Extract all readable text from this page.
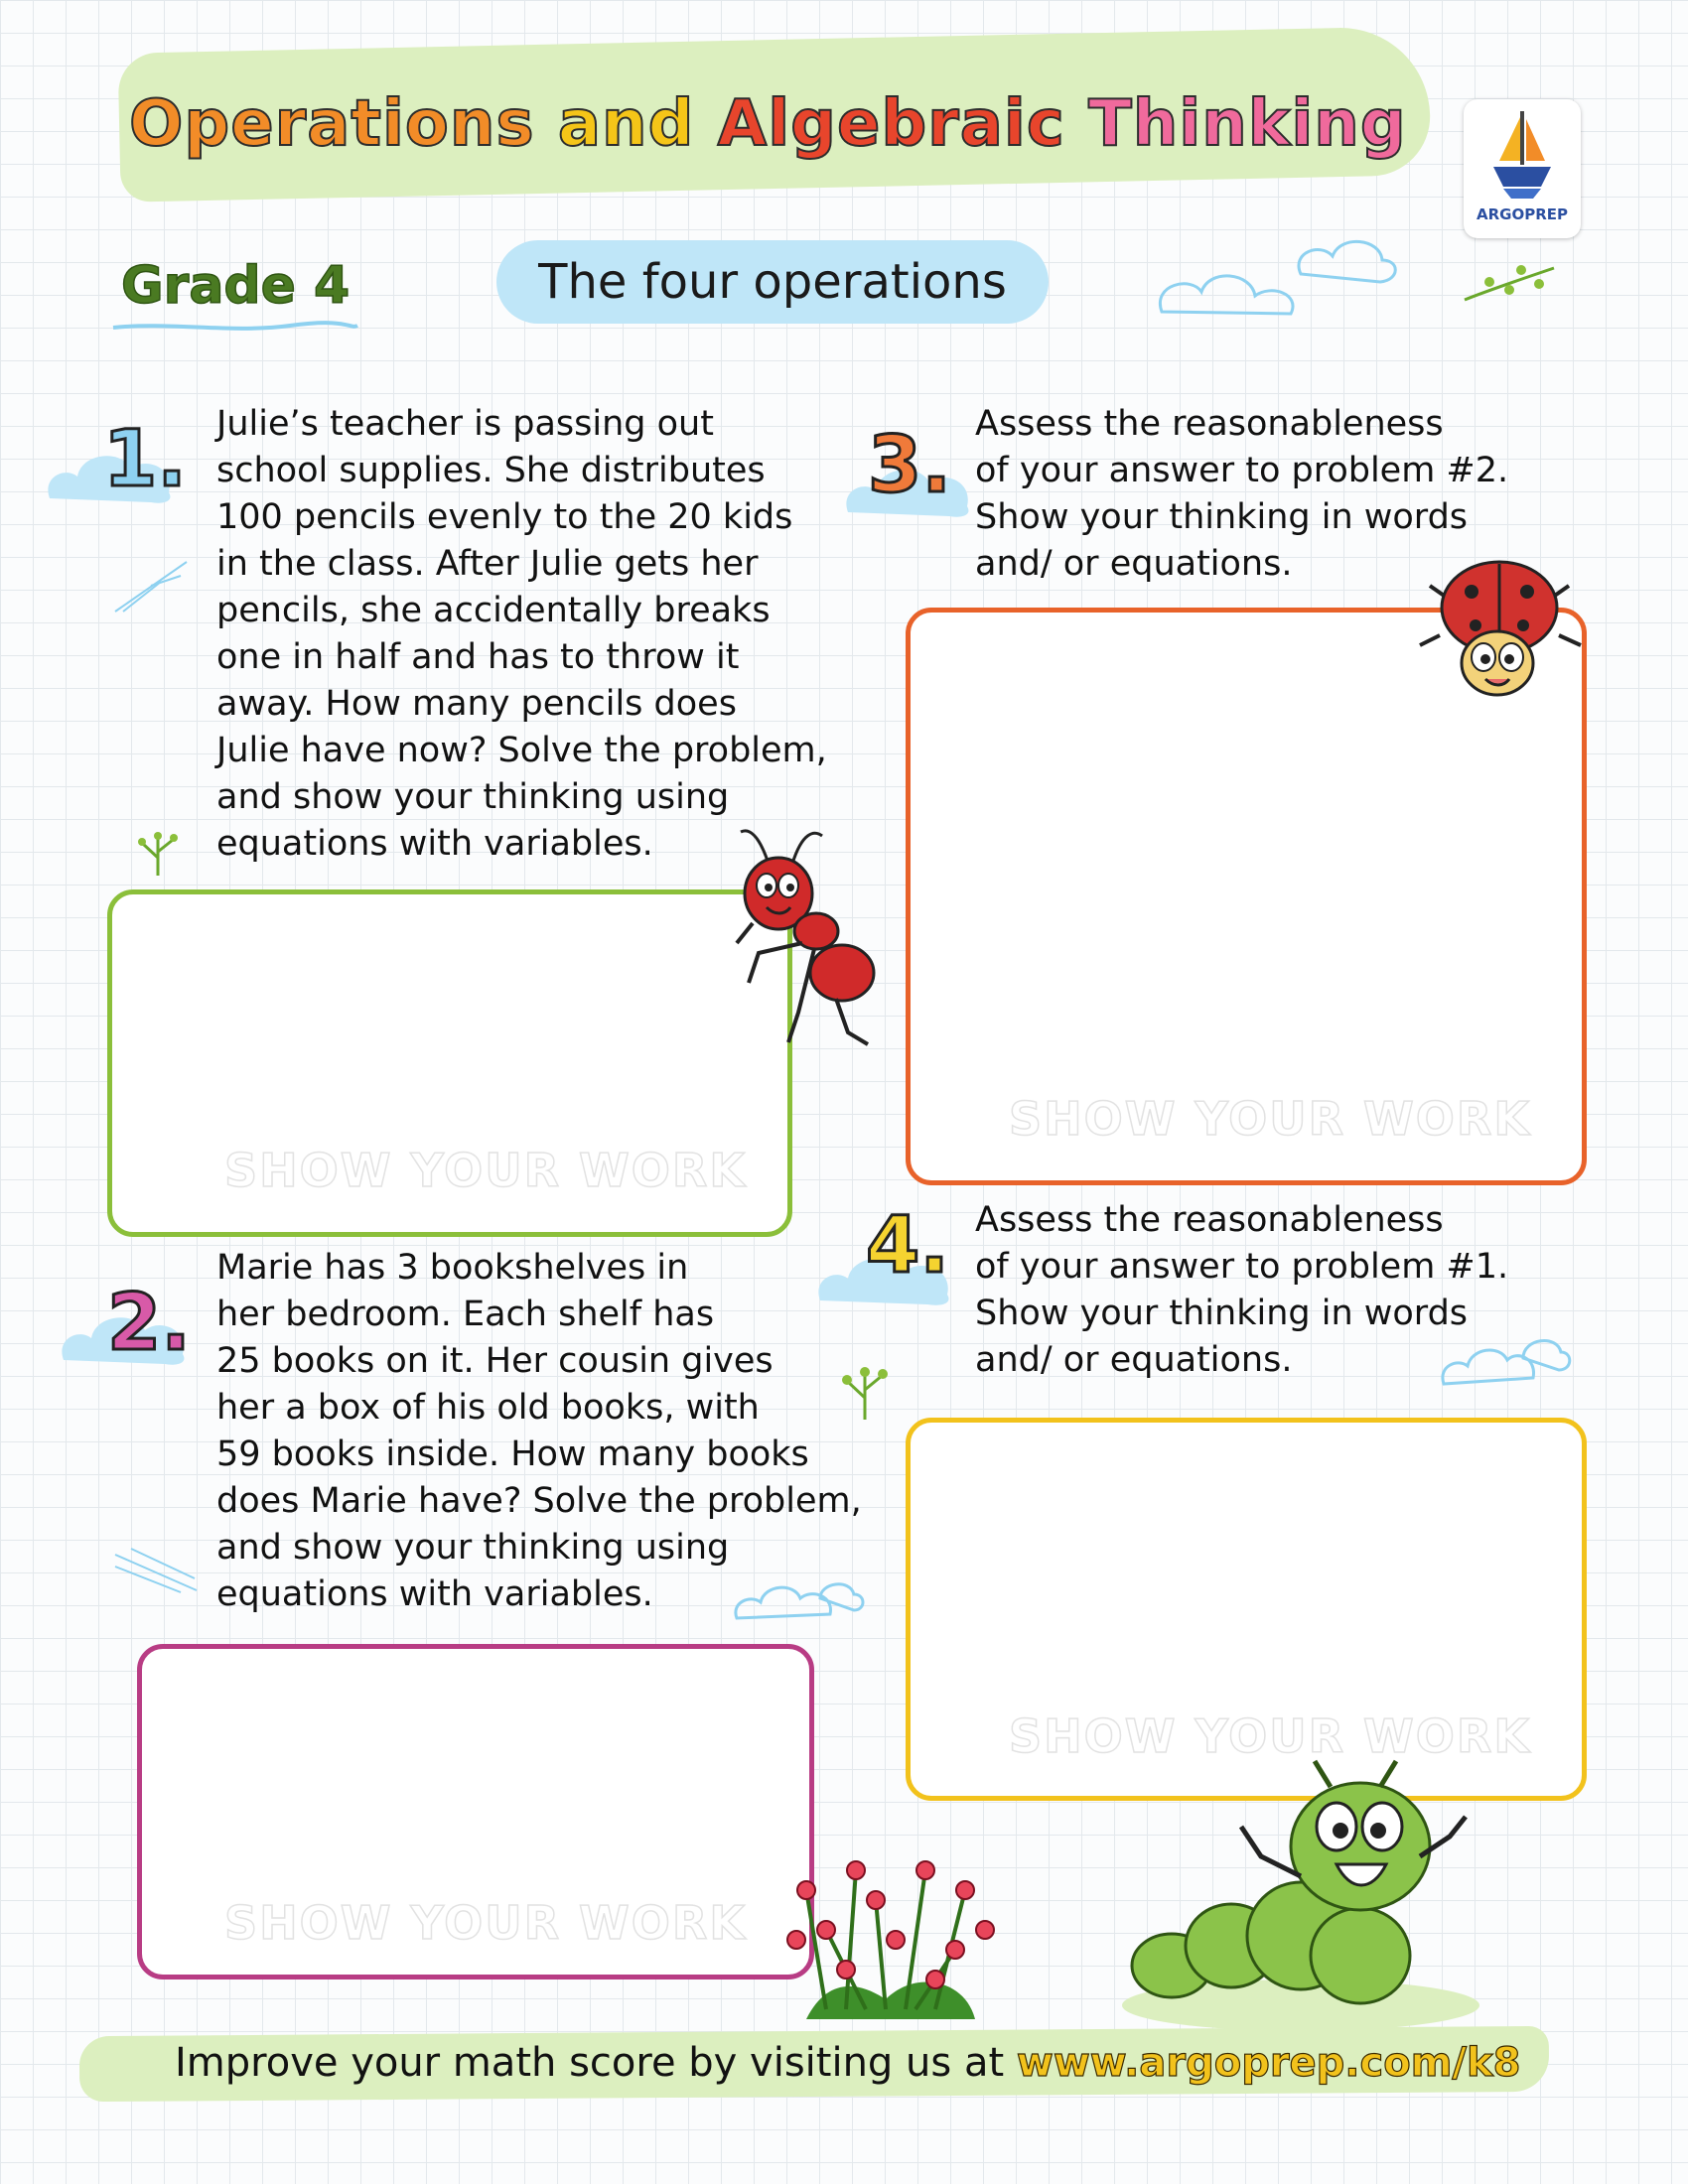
Operations and Algebraic Thinking
ARGOPREP
Grade 4	The four operations
1. Julie’s teacher is passing out
school supplies. She distributes
100 pencils evenly to the 20 kids
in the class. After Julie gets her
pencils, she accidentally breaks
one in half and has to throw it
away. How many pencils does
Julie have now? Solve the problem,
and show your thinking using
equations with variables.
SHOW YOUR WORK
2.
Marie has 3 bookshelves in
her bedroom. Each shelf has
25 books on it. Her cousin gives
her a box of his old books, with
59 books inside. How many books
does Marie have? Solve the problem,
and show your thinking using
equations with variables.
SHOW YOUR WORK
3. Assess the reasonableness
of your answer to problem #2.
Show your thinking in words
and/ or equations.
SHOW YOUR WORK
4. Assess the reasonableness
of your answer to problem #1.
Show your thinking in words
and/ or equations.
SHOW YOUR WORK
Improve your math score by visiting us at www.argoprep.com/k8
